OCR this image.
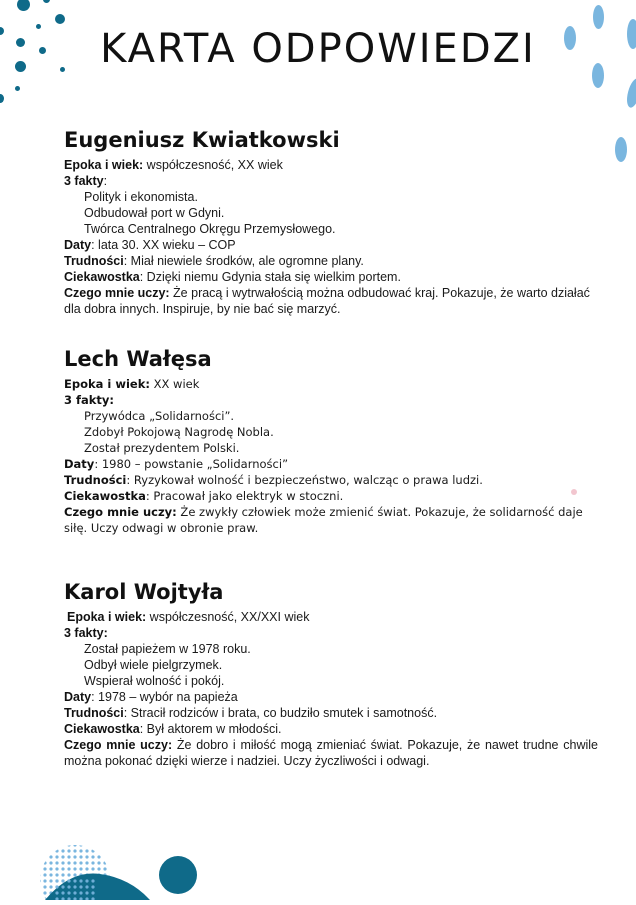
KARTA ODPOWIEDZI
Eugeniusz Kwiatkowski

Epoka i wiek: współczesność, XX wiek

3 fakty:

Polityk i ekonomista.
Odbudował port w Gdyni.
Twórca Centralnego Okręgu Przemysłowego.

Daty: lata 30. XX wieku – COP

Trudności: Miał niewiele środków, ale ogromne plany.

Ciekawostka: Dzięki niemu Gdynia stała się wielkim portem.

Czego mnie uczy: Że pracą i wytrwałością można odbudować kraj. Pokazuje, że warto działać dla dobra innych. Inspiruje, by nie bać się marzyć.

Lech Wałęsa

Epoka i wiek: XX wiek

3 fakty:

Przywódca „Solidarności”.
Zdobył Pokojową Nagrodę Nobla.
Został prezydentem Polski.

Daty: 1980 – powstanie „Solidarności”

Trudności: Ryzykował wolność i bezpieczeństwo, walcząc o prawa ludzi.

Ciekawostka: Pracował jako elektryk w stoczni.

Czego mnie uczy: Że zwykły człowiek może zmienić świat. Pokazuje, że solidarność daje siłę. Uczy odwagi w obronie praw.

Karol Wojtyła

Epoka i wiek: współczesność, XX/XXI wiek

3 fakty:

Został papieżem w 1978 roku.
Odbył wiele pielgrzymek.
Wspierał wolność i pokój.

Daty: 1978 – wybór na papieża

Trudności: Stracił rodziców i brata, co budziło smutek i samotność.

Ciekawostka: Był aktorem w młodości.

Czego mnie uczy: Że dobro i miłość mogą zmieniać świat. Pokazuje, że nawet trudne chwile można pokonać dzięki wierze i nadziei. Uczy życzliwości i odwagi.
